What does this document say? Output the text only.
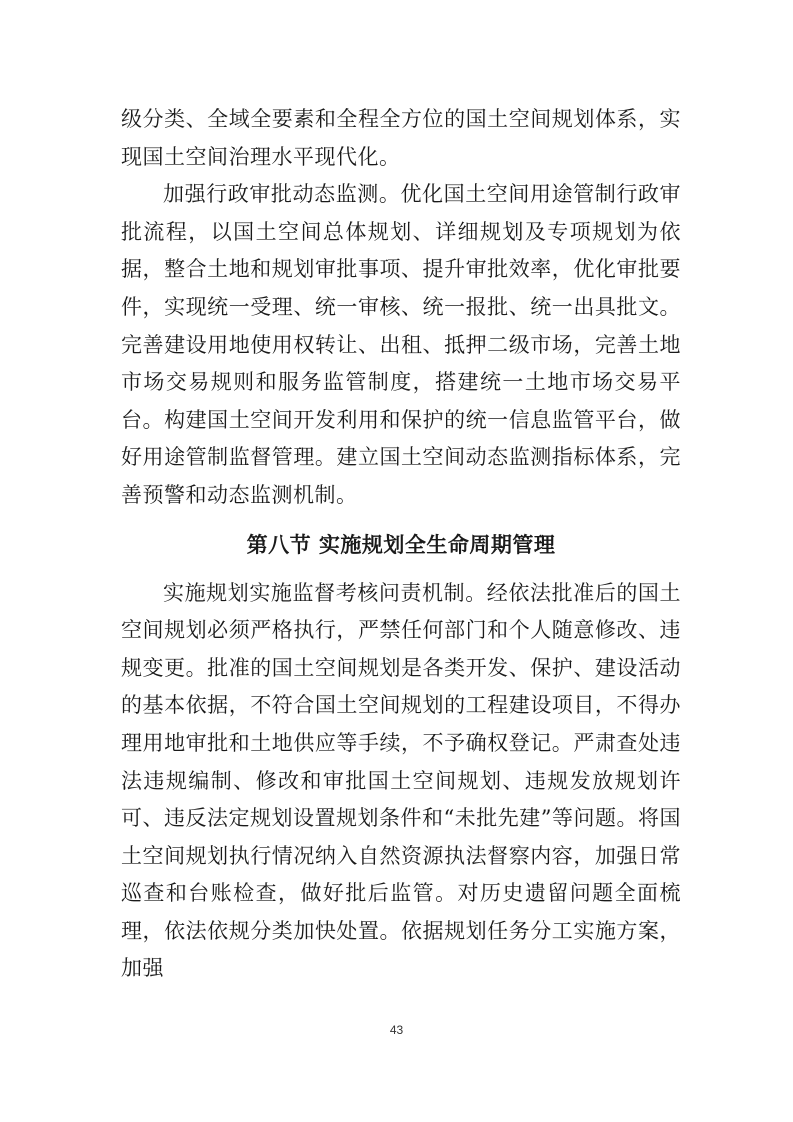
级分类、全域全要素和全程全方位的国土空间规划体系，实现国土空间治理水平现代化。

加强行政审批动态监测。优化国土空间用途管制行政审批流程，以国土空间总体规划、详细规划及专项规划为依据，整合土地和规划审批事项、提升审批效率，优化审批要件，实现统一受理、统一审核、统一报批、统一出具批文。完善建设用地使用权转让、出租、抵押二级市场，完善土地市场交易规则和服务监管制度，搭建统一土地市场交易平台。构建国土空间开发利用和保护的统一信息监管平台，做好用途管制监督管理。建立国土空间动态监测指标体系，完善预警和动态监测机制。

第八节 实施规划全生命周期管理

实施规划实施监督考核问责机制。经依法批准后的国土空间规划必须严格执行，严禁任何部门和个人随意修改、违规变更。批准的国土空间规划是各类开发、保护、建设活动的基本依据，不符合国土空间规划的工程建设项目，不得办理用地审批和土地供应等手续，不予确权登记。严肃查处违法违规编制、修改和审批国土空间规划、违规发放规划许可、违反法定规划设置规划条件和“未批先建”等问题。将国土空间规划执行情况纳入自然资源执法督察内容，加强日常巡查和台账检查，做好批后监管。对历史遗留问题全面梳理，依法依规分类加快处置。依据规划任务分工实施方案，加强

43
